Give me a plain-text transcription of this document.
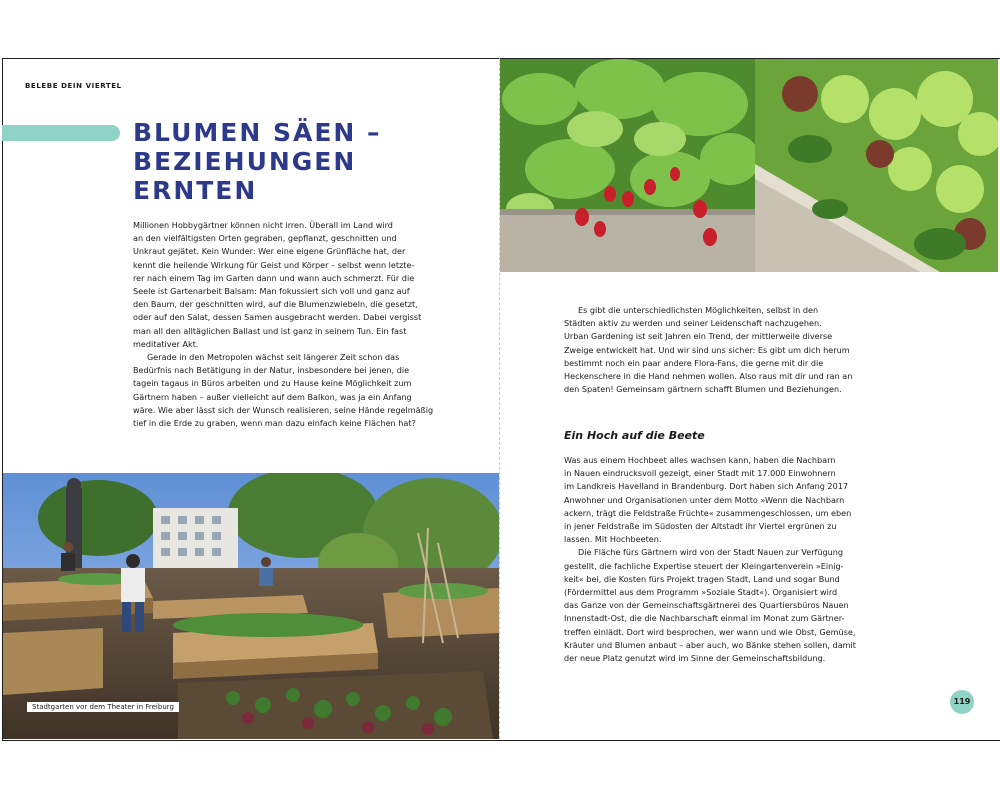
BELEBE DEIN VIERTEL
BLUMEN SÄEN –
BEZIEHUNGEN
ERNTEN

Millionen Hobbygärtner können nicht irren. Überall im Land wird

an den vielfältigsten Orten gegraben, gepflanzt, geschnitten und

Unkraut gejätet. Kein Wunder: Wer eine eigene Grünfläche hat, der

kennt die heilende Wirkung für Geist und Körper – selbst wenn letzte-

rer nach einem Tag im Garten dann und wann auch schmerzt. Für die

Seele ist Gartenarbeit Balsam: Man fokussiert sich voll und ganz auf

den Baum, der geschnitten wird, auf die Blumenzwiebeln, die gesetzt,

oder auf den Salat, dessen Samen ausgebracht werden. Dabei vergisst

man all den alltäglichen Ballast und ist ganz in seinem Tun. Ein fast

meditativer Akt.

Gerade in den Metropolen wächst seit längerer Zeit schon das

Bedürfnis nach Betätigung in der Natur, insbesondere bei jenen, die

tagein tagaus in Büros arbeiten und zu Hause keine Möglichkeit zum

Gärtnern haben – außer vielleicht auf dem Balkon, was ja ein Anfang

wäre. Wie aber lässt sich der Wunsch realisieren, seine Hände regelmäßig

tief in die Erde zu graben, wenn man dazu einfach keine Flächen hat?

Stadtgarten vor dem Theater in Freiburg

Es gibt die unterschiedlichsten Möglichkeiten, selbst in den

Städten aktiv zu werden und seiner Leidenschaft nachzugehen.

Urban Gardening ist seit Jahren ein Trend, der mittlerweile diverse

Zweige entwickelt hat. Und wir sind uns sicher: Es gibt um dich herum

bestimmt noch ein paar andere Flora-Fans, die gerne mit dir die

Heckenschere in die Hand nehmen wollen. Also raus mit dir und ran an

den Spaten! Gemeinsam gärtnern schafft Blumen und Beziehungen.

Ein Hoch auf die Beete

Was aus einem Hochbeet alles wachsen kann, haben die Nachbarn

in Nauen eindrucksvoll gezeigt, einer Stadt mit 17.000 Einwohnern

im Landkreis Havelland in Brandenburg. Dort haben sich Anfang 2017

Anwohner und Organisationen unter dem Motto »Wenn die Nachbarn

ackern, trägt die Feldstraße Früchte« zusammengeschlossen, um eben

in jener Feldstraße im Südosten der Altstadt ihr Viertel ergrünen zu

lassen. Mit Hochbeeten.

Die Fläche fürs Gärtnern wird von der Stadt Nauen zur Verfügung

gestellt, die fachliche Expertise steuert der Kleingartenverein »Einig-

keit« bei, die Kosten fürs Projekt tragen Stadt, Land und sogar Bund

(Fördermittel aus dem Programm »Soziale Stadt«). Organisiert wird

das Ganze von der Gemeinschaftsgärtnerei des Quartiersbüros Nauen

Innenstadt-Ost, die die Nachbarschaft einmal im Monat zum Gärtner-

treffen einlädt. Dort wird besprochen, wer wann und wie Obst, Gemüse,

Kräuter und Blumen anbaut – aber auch, wo Bänke stehen sollen, damit

der neue Platz genutzt wird im Sinne der Gemeinschaftsbildung.

119
